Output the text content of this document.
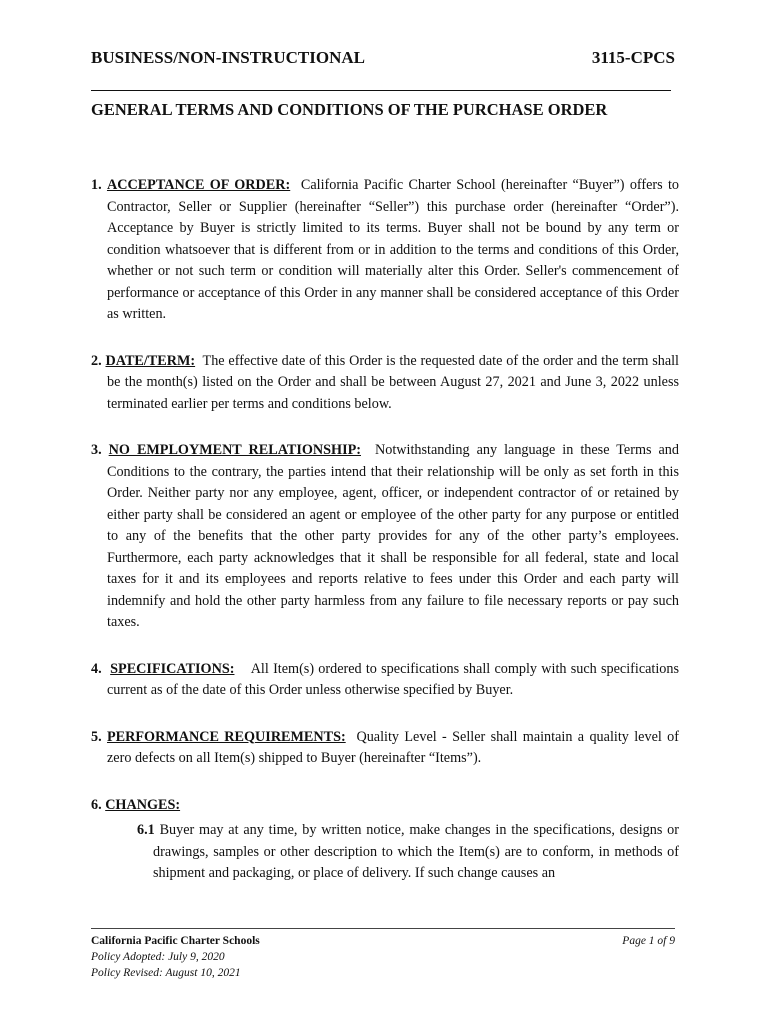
BUSINESS/NON-INSTRUCTIONAL	3115-CPCS
GENERAL TERMS AND CONDITIONS OF THE PURCHASE ORDER

1. ACCEPTANCE OF ORDER: California Pacific Charter School (hereinafter “Buyer”) offers to Contractor, Seller or Supplier (hereinafter “Seller”) this purchase order (hereinafter “Order”). Acceptance by Buyer is strictly limited to its terms. Buyer shall not be bound by any term or condition whatsoever that is different from or in addition to the terms and conditions of this Order, whether or not such term or condition will materially alter this Order. Seller's commencement of performance or acceptance of this Order in any manner shall be considered acceptance of this Order as written.

2. DATE/TERM: The effective date of this Order is the requested date of the order and the term shall be the month(s) listed on the Order and shall be between August 27, 2021 and June 3, 2022 unless terminated earlier per terms and conditions below.

3. NO EMPLOYMENT RELATIONSHIP: Notwithstanding any language in these Terms and Conditions to the contrary, the parties intend that their relationship will be only as set forth in this Order. Neither party nor any employee, agent, officer, or independent contractor of or retained by either party shall be considered an agent or employee of the other party for any purpose or entitled to any of the benefits that the other party provides for any of the other party’s employees. Furthermore, each party acknowledges that it shall be responsible for all federal, state and local taxes for it and its employees and reports relative to fees under this Order and each party will indemnify and hold the other party harmless from any failure to file necessary reports or pay such taxes.

4. SPECIFICATIONS: All Item(s) ordered to specifications shall comply with such specifications current as of the date of this Order unless otherwise specified by Buyer.

5. PERFORMANCE REQUIREMENTS: Quality Level - Seller shall maintain a quality level of zero defects on all Item(s) shipped to Buyer (hereinafter “Items”).

6. CHANGES:

6.1 Buyer may at any time, by written notice, make changes in the specifications, designs or drawings, samples or other description to which the Item(s) are to conform, in methods of shipment and packaging, or place of delivery. If such change causes an

California Pacific Charter Schools	Page 1 of 9
Policy Adopted: July 9, 2020
Policy Revised: August 10, 2021
